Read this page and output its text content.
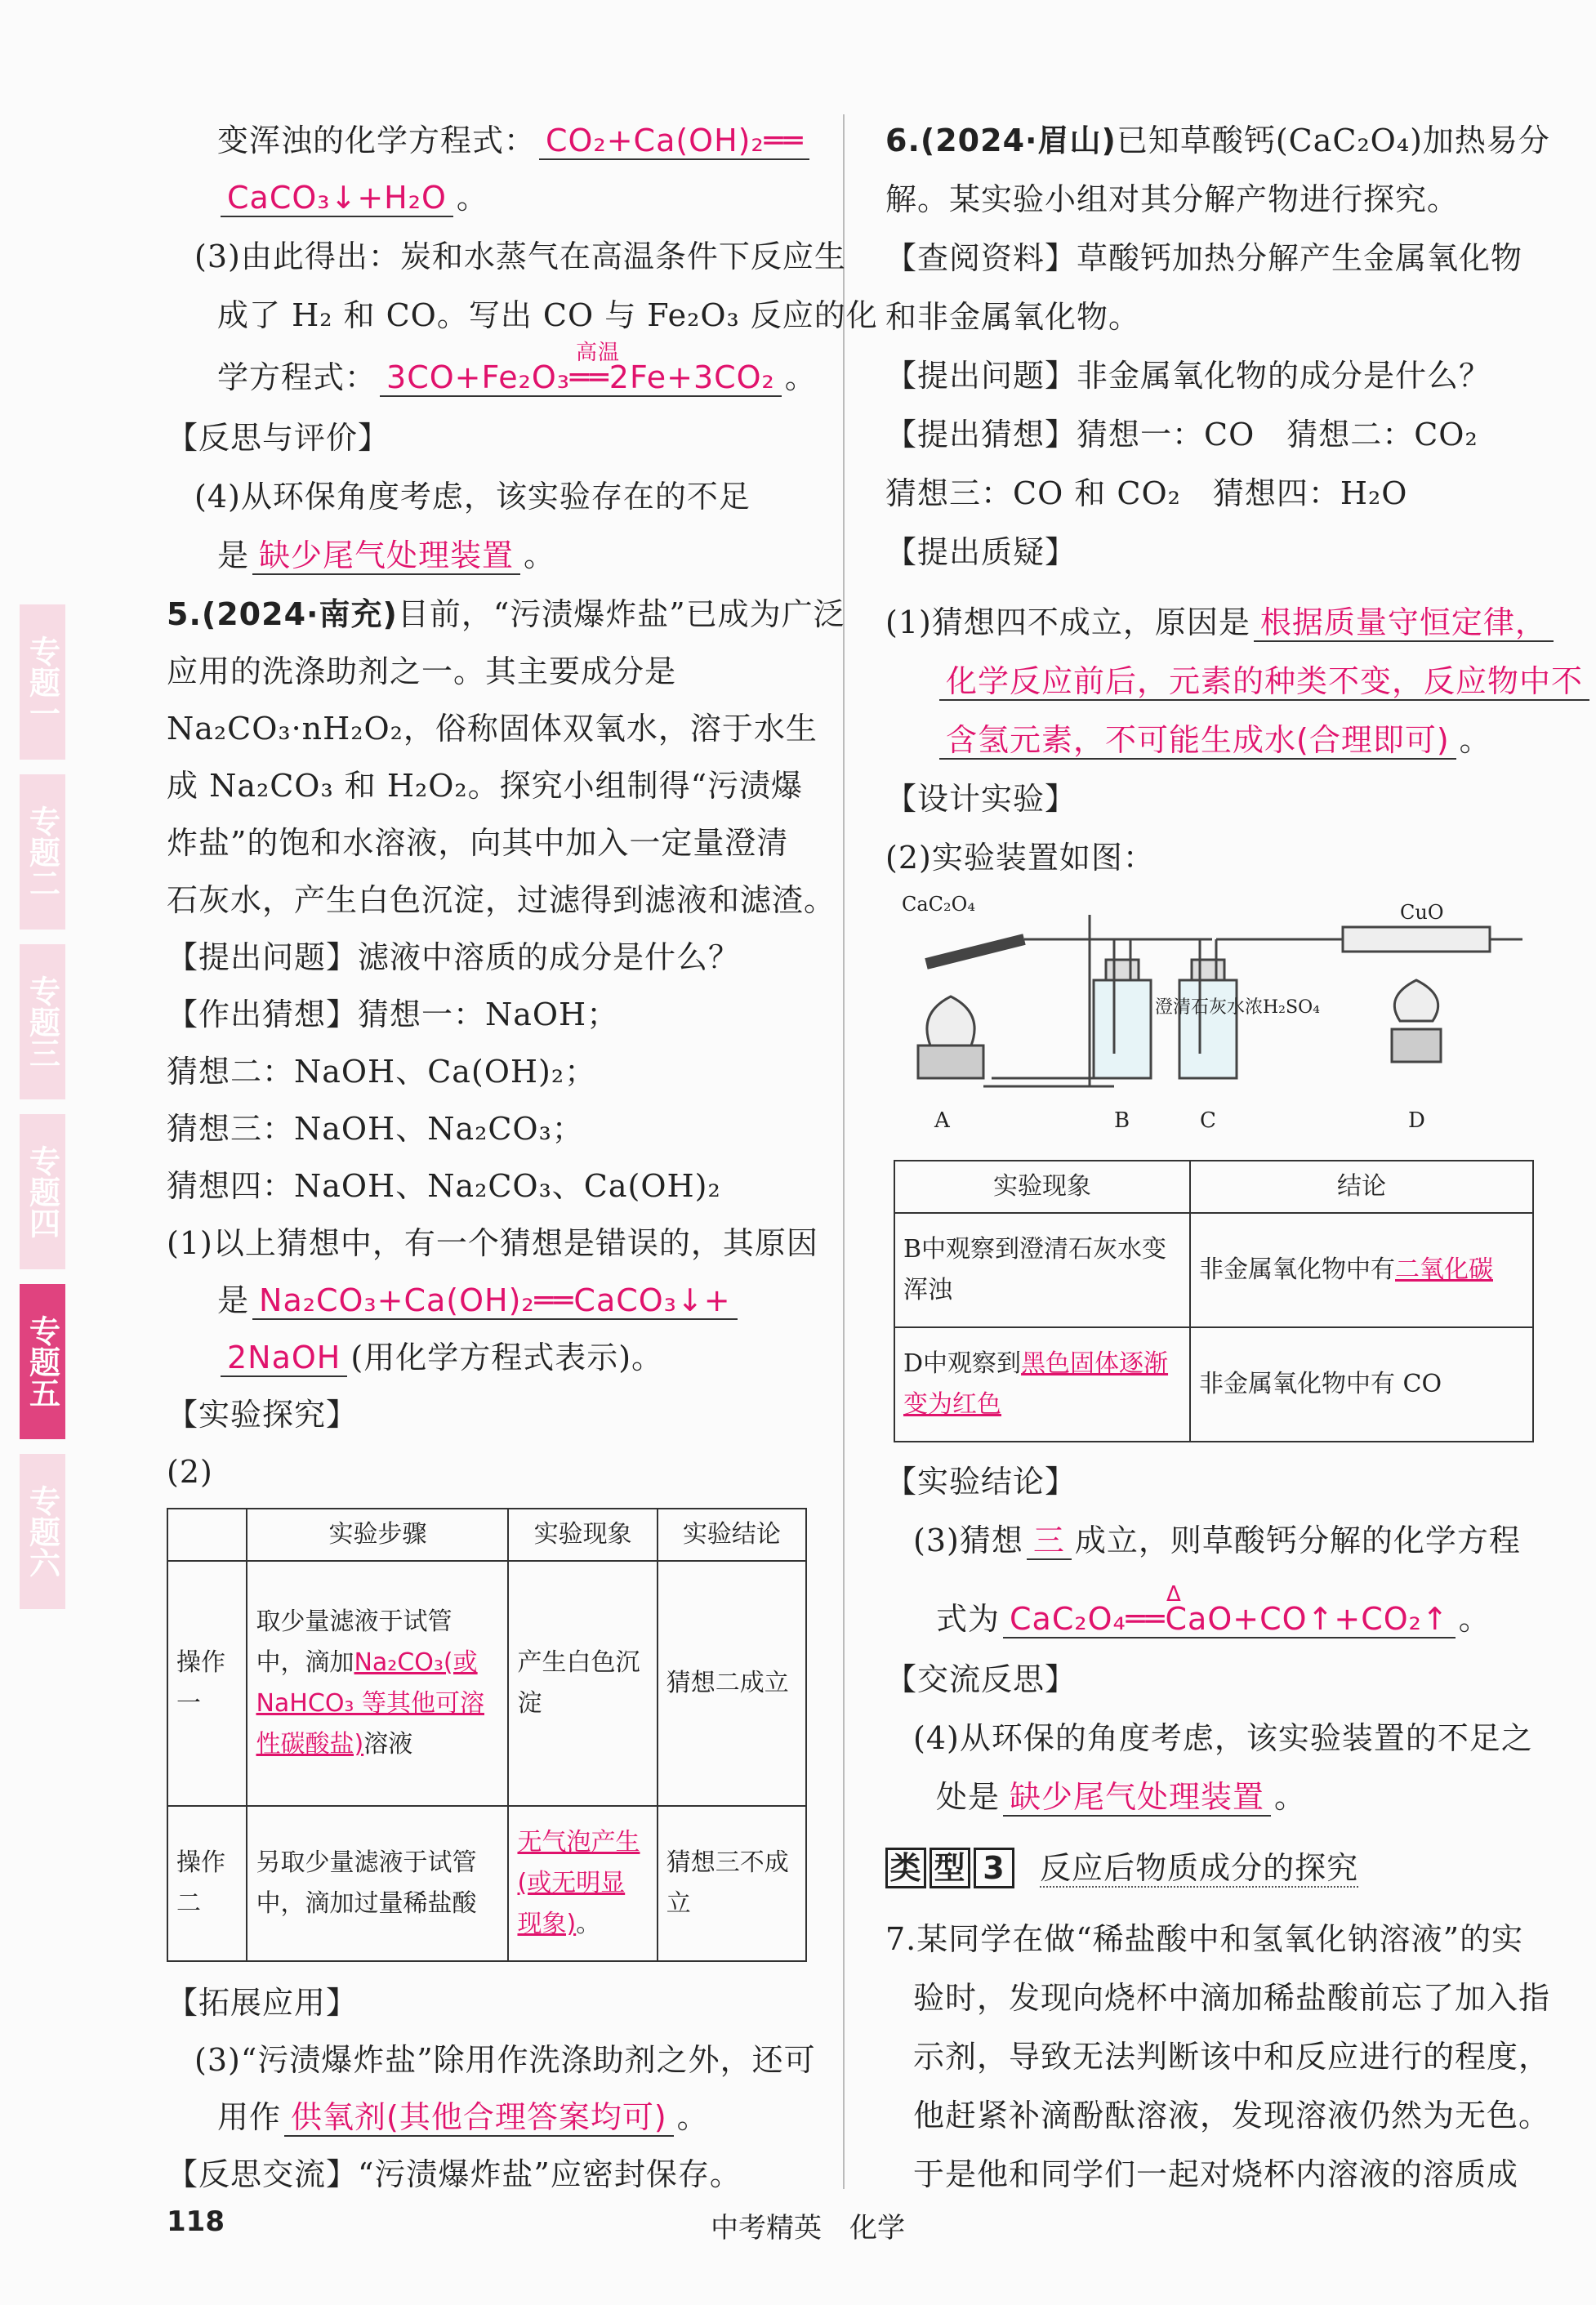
专题一
专题二
专题三
专题四
专题五
专题六
变浑浊的化学方程式： CO₂+Ca(OH)₂══
CaCO₃↓+H₂O 。
(3)由此得出：炭和水蒸气在高温条件下反应生
成了 H₂ 和 CO。写出 CO 与 Fe₂O₃ 反应的化
学方程式：
高温
3CO+Fe₂O₃══2Fe+3CO₂ 。
【反思与评价】
(4)从环保角度考虑，该实验存在的不足
是 缺少尾气处理装置 。
5.(2024·南充)目前，“污渍爆炸盐”已成为广泛
应用的洗涤助剂之一。其主要成分是
Na₂CO₃·nH₂O₂，俗称固体双氧水，溶于水生
成 Na₂CO₃ 和 H₂O₂。探究小组制得“污渍爆
炸盐”的饱和水溶液，向其中加入一定量澄清
石灰水，产生白色沉淀，过滤得到滤液和滤渣。
【提出问题】滤液中溶质的成分是什么？
【作出猜想】猜想一：NaOH；
猜想二：NaOH、Ca(OH)₂；
猜想三：NaOH、Na₂CO₃；
猜想四：NaOH、Na₂CO₃、Ca(OH)₂
(1)以上猜想中，有一个猜想是错误的，其原因
是 Na₂CO₃+Ca(OH)₂══CaCO₃↓+
2NaOH (用化学方程式表示)。
【实验探究】
(2)
	实验步骤	实验现象	实验结论
操作一	取少量滤液于试管中，滴加Na₂CO₃(或 NaHCO₃ 等其他可溶性碳酸盐)溶液	产生白色沉淀	猜想二成立
操作二	另取少量滤液于试管中，滴加过量稀盐酸	无气泡产生(或无明显现象)。	猜想三不成立
【拓展应用】
(3)“污渍爆炸盐”除用作洗涤助剂之外，还可
用作 供氧剂(其他合理答案均可) 。
【反思交流】“污渍爆炸盐”应密封保存。
6.(2024·眉山)已知草酸钙(CaC₂O₄)加热易分
解。某实验小组对其分解产物进行探究。
【查阅资料】草酸钙加热分解产生金属氧化物
和非金属氧化物。
【提出问题】非金属氧化物的成分是什么？
【提出猜想】猜想一：CO　猜想二：CO₂
猜想三：CO 和 CO₂　猜想四：H₂O
【提出质疑】
(1)猜想四不成立，原因是 根据质量守恒定律，
化学反应前后，元素的种类不变，反应物中不
含氢元素，不可能生成水(合理即可) 。
【设计实验】
(2)实验装置如图：
CaC₂O₄	CuO
澄清石灰水 浓H₂SO₄
A	B	C	D
实验现象	结论
B中观察到澄清石灰水变浑浊	非金属氧化物中有二氧化碳
D中观察到黑色固体逐渐变为红色	非金属氧化物中有 CO
【实验结论】
(3)猜想 三 成立，则草酸钙分解的化学方程
式为
Δ
CaC₂O₄══CaO+CO↑+CO₂↑ 。
【交流反思】
(4)从环保的角度考虑，该实验装置的不足之
处是 缺少尾气处理装置 。
类 型 3 反应后物质成分的探究
7.某同学在做“稀盐酸中和氢氧化钠溶液”的实
验时，发现向烧杯中滴加稀盐酸前忘了加入指
示剂，导致无法判断该中和反应进行的程度，
他赶紧补滴酚酞溶液，发现溶液仍然为无色。
于是他和同学们一起对烧杯内溶液的溶质成
118	中考精英　化学
